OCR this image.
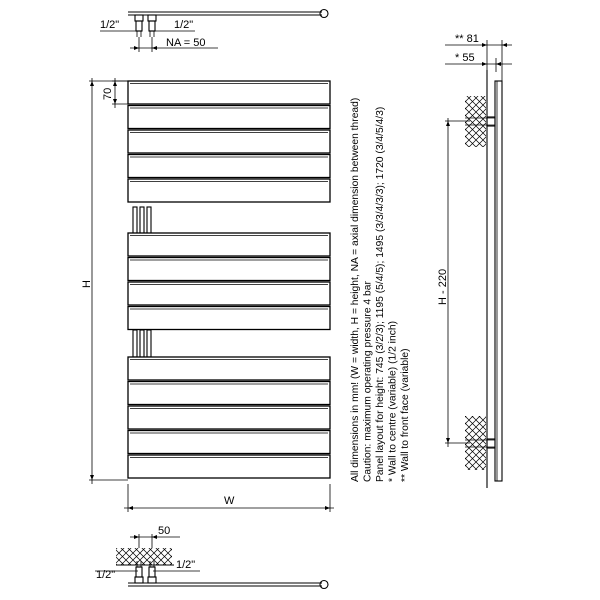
1/2"	1/2"
NA = 50
70
H
W
All dimensions in mm! (W = width, H = height, NA = axial dimension between thread) Caution: maximum operating pressure 4 bar Panel layout for height: 745 (3/2/3); 1195 (5/4/5); 1495 (3/3/4/3/3); 1720 (3/4/5/4/3) * Wall to centre (variable) (1/2 inch) ** Wall to front face (variable)
** 81
* 55
H - 220
50
1/2"
1/2"
